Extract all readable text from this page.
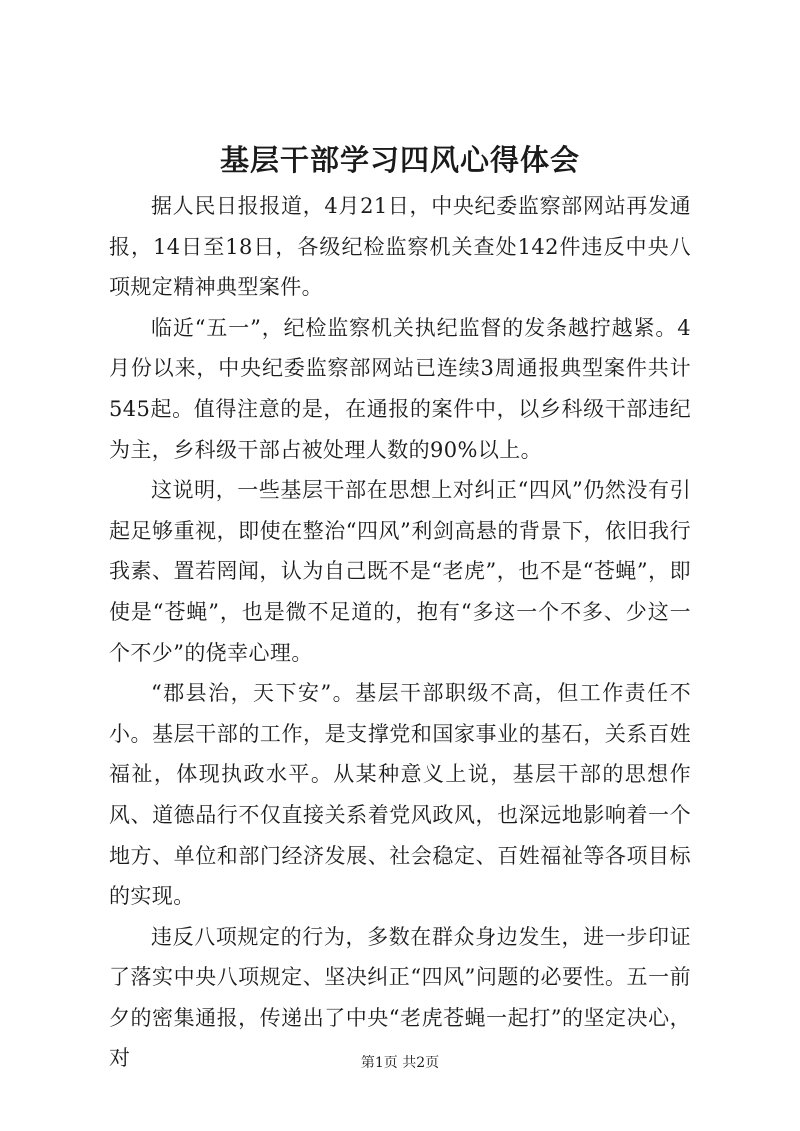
基层干部学习四风心得体会

据人民日报报道，4月21日，中央纪委监察部网站再发通报，14日至18日，各级纪检监察机关查处142件违反中央八项规定精神典型案件。

临近“五一”，纪检监察机关执纪监督的发条越拧越紧。4月份以来，中央纪委监察部网站已连续3周通报典型案件共计545起。值得注意的是，在通报的案件中，以乡科级干部违纪为主，乡科级干部占被处理人数的90%以上。

这说明，一些基层干部在思想上对纠正“四风”仍然没有引起足够重视，即使在整治“四风”利剑高悬的背景下，依旧我行我素、置若罔闻，认为自己既不是“老虎”，也不是“苍蝇”，即使是“苍蝇”，也是微不足道的，抱有“多这一个不多、少这一个不少”的侥幸心理。

“郡县治，天下安”。基层干部职级不高，但工作责任不小。基层干部的工作，是支撑党和国家事业的基石，关系百姓福祉，体现执政水平。从某种意义上说，基层干部的思想作风、道德品行不仅直接关系着党风政风，也深远地影响着一个地方、单位和部门经济发展、社会稳定、百姓福祉等各项目标的实现。

违反八项规定的行为，多数在群众身边发生，进一步印证了落实中央八项规定、坚决纠正“四风”问题的必要性。五一前夕的密集通报，传递出了中央“老虎苍蝇一起打”的坚定决心，对	第1页 共2页
